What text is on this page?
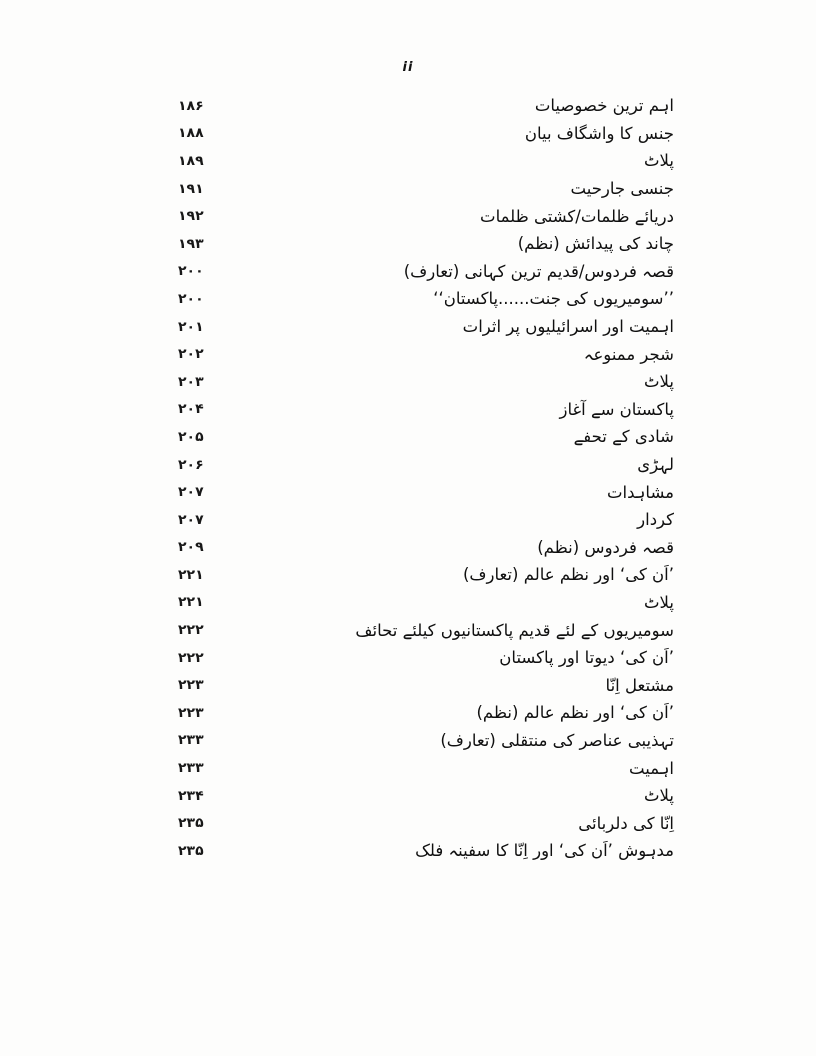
ii
۱۸۶	اہم ترین خصوصیات
۱۸۸	جنس کا واشگاف بیان
۱۸۹	پلاٹ
۱۹۱	جنسی جارحیت
۱۹۲	دریائے ظلمات/کشتی ظلمات
۱۹۳	چاند کی پیدائش (نظم)
۲۰۰	قصہ فردوس/قدیم ترین کہانی (تعارف)
۲۰۰	’’سومیریوں کی جنت......پاکستان‘‘
۲۰۱	اہمیت اور اسرائیلیوں پر اثرات
۲۰۲	شجر ممنوعہ
۲۰۳	پلاٹ
۲۰۴	پاکستان سے آغاز
۲۰۵	شادی کے تحفے
۲۰۶	لہڑی
۲۰۷	مشاہدات
۲۰۷	کردار
۲۰۹	قصہ فردوس (نظم)
۲۲۱	’اَن کی‘ اور نظم عالم (تعارف)
۲۲۱	پلاٹ
۲۲۲	سومیریوں کے لئے قدیم پاکستانیوں کیلئے تحائف
۲۲۲	’اَن کی‘ دیوتا اور پاکستان
۲۲۳	مشتعل اِنّا
۲۲۳	’اَن کی‘ اور نظم عالم (نظم)
۲۳۳	تہذیبی عناصر کی منتقلی (تعارف)
۲۳۳	اہمیت
۲۳۴	پلاٹ
۲۳۵	اِنّا کی دلربائی
۲۳۵	مدہوش ’اَن کی‘ اور اِنّا کا سفینہ فلک
